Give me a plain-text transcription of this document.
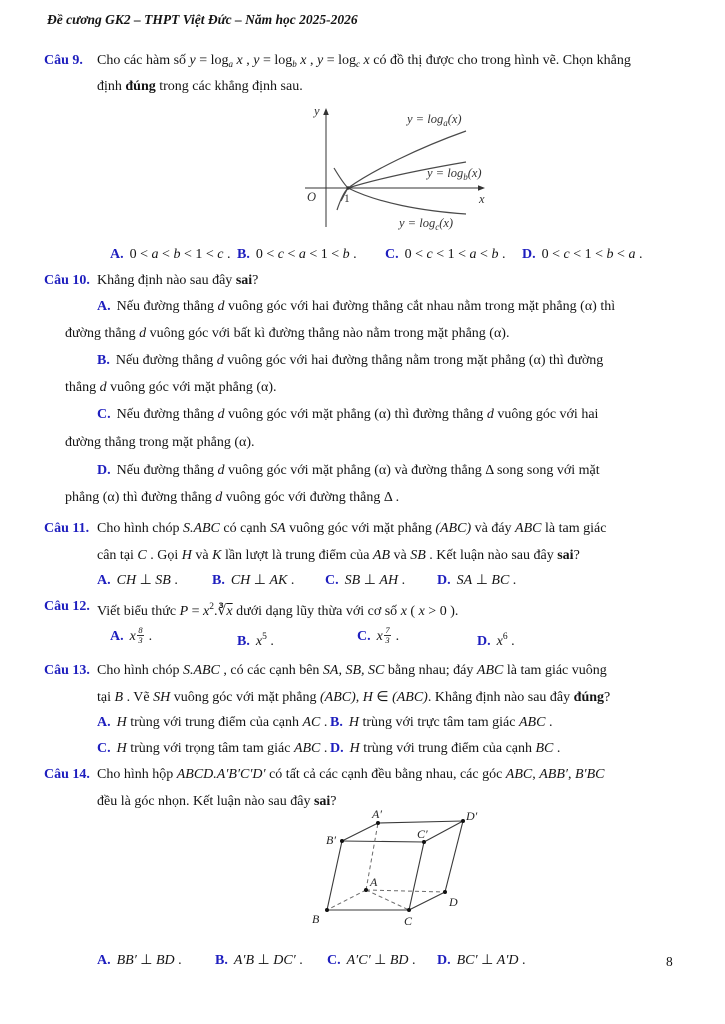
Đề cương GK2 – THPT Việt Đức – Năm học 2025-2026
Câu 9. Cho các hàm số $y = \log_a x$ , $y = \log_b x$ , $y = \log_c x$ có đồ thị được cho trong hình vẽ. Chọn khẳng
định đúng trong các khẳng định sau.
y
x
O 1
$y = \log_a(x)$
$y = \log_b(x)$
$y = \log_c(x)$
A. 0 < a < b < 1 < c . B. 0 < c < a < 1 < b . C. 0 < c < 1 < a < b . D. 0 < c < 1 < b < a .
Câu 10. Khẳng định nào sau đây sai?
A. Nếu đường thẳng d vuông góc với hai đường thẳng cắt nhau nằm trong mặt phẳng (α) thì
đường thẳng d vuông góc với bất kì đường thẳng nào nằm trong mặt phẳng (α).
B. Nếu đường thẳng d vuông góc với hai đường thẳng nằm trong mặt phẳng (α) thì đường
thẳng d vuông góc với mặt phẳng (α).
C. Nếu đường thẳng d vuông góc với mặt phẳng (α) thì đường thẳng d vuông góc với hai
đường thẳng trong mặt phẳng (α).
D. Nếu đường thẳng d vuông góc với mặt phẳng (α) và đường thẳng Δ song song với mặt
phẳng (α) thì đường thẳng d vuông góc với đường thẳng Δ .
Câu 11. Cho hình chóp S.ABC có cạnh SA vuông góc với mặt phẳng (ABC) và đáy ABC là tam giác
cân tại C . Gọi H và K lần lượt là trung điểm của AB và SB . Kết luận nào sau đây sai?
A. CH ⊥ SB . B. CH ⊥ AK . C. SB ⊥ AH . D. SA ⊥ BC .
Câu 12. Viết biểu thức $P = x^2.∛\overline{x}$ dưới dạng lũy thừa với cơ số x ( x > 0 ).
A. x $\frac{8}{3}$ .	B. $x^5$ .	C. x $\frac{7}{3}$ .	D. $x^6$ .
Câu 13. Cho hình chóp S.ABC , có các cạnh bên SA, SB, SC bằng nhau; đáy ABC là tam giác vuông
tại B . Vẽ SH vuông góc với mặt phẳng (ABC), H ∈ (ABC). Khẳng định nào sau đây đúng?
A. H trùng với trung điểm của cạnh AC . B. H trùng với trực tâm tam giác ABC .
C. H trùng với trọng tâm tam giác ABC . D. H trùng với trung điểm của cạnh BC .
Câu 14. Cho hình hộp ABCD.A′B′C′D′ có tất cả các cạnh đều bằng nhau, các góc ABC, ABB′, B′BC
đều là góc nhọn. Kết luận nào sau đây sai?
A′	D′
B′	C′
A
D
B	C
A. BB′ ⊥ BD . B. A′B ⊥ DC′ . C. A′C′ ⊥ BD . D. BC′ ⊥ A′D .	8
